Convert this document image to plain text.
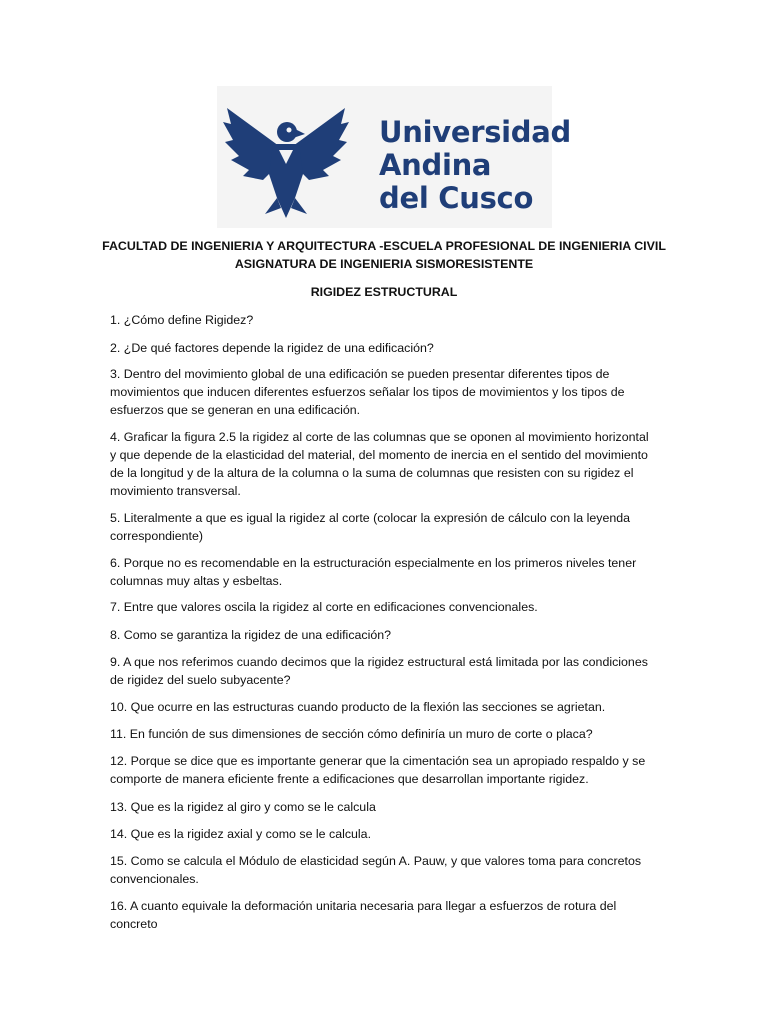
Universidad
Andina
del Cusco
FACULTAD DE INGENIERIA Y ARQUITECTURA -ESCUELA PROFESIONAL DE INGENIERIA CIVIL
ASIGNATURA DE INGENIERIA SISMORESISTENTE
RIGIDEZ ESTRUCTURAL
1. ¿Cómo define Rigidez?
2. ¿De qué factores depende la rigidez de una edificación?
3. Dentro del movimiento global de una edificación se pueden presentar diferentes tipos de movimientos que inducen diferentes esfuerzos señalar los tipos de movimientos y los tipos de esfuerzos que se generan en una edificación.
4. Graficar la figura 2.5 la rigidez al corte de las columnas que se oponen al movimiento horizontal y que depende de la elasticidad del material, del momento de inercia en el sentido del movimiento de la longitud y de la altura de la columna o la suma de columnas que resisten con su rigidez el movimiento transversal.
5. Literalmente a que es igual la rigidez al corte (colocar la expresión de cálculo con la leyenda correspondiente)
6. Porque no es recomendable en la estructuración especialmente en los primeros niveles tener columnas muy altas y esbeltas.
7. Entre que valores oscila la rigidez al corte en edificaciones convencionales.
8. Como se garantiza la rigidez de una edificación?
9. A que nos referimos cuando decimos que la rigidez estructural está limitada por las condiciones de rigidez del suelo subyacente?
10. Que ocurre en las estructuras cuando producto de la flexión las secciones se agrietan.
11. En función de sus dimensiones de sección cómo definiría un muro de corte o placa?
12. Porque se dice que es importante generar que la cimentación sea un apropiado respaldo y se comporte de manera eficiente frente a edificaciones que desarrollan importante rigidez.
13. Que es la rigidez al giro y como se le calcula
14. Que es la rigidez axial y como se le calcula.
15. Como se calcula el Módulo de elasticidad según A. Pauw, y que valores toma para concretos convencionales.
16. A cuanto equivale la deformación unitaria necesaria para llegar a esfuerzos de rotura del concreto
